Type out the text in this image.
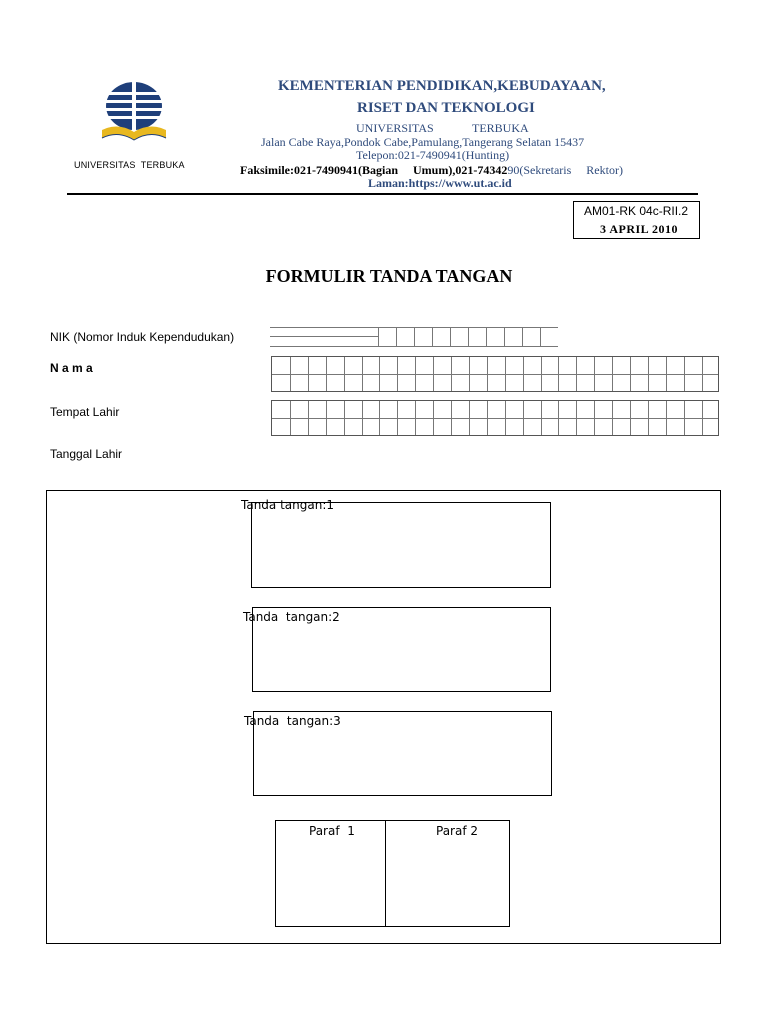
UNIVERSITAS  TERBUKA
KEMENTERIAN PENDIDIKAN,KEBUDAYAAN,
RISET DAN TEKNOLOGI
UNIVERSITAS	TERBUKA
Jalan Cabe Raya,Pondok Cabe,Pamulang,Tangerang Selatan 15437
Telepon:021-7490941(Hunting)
Faksimile:021-7490941(Bagian     Umum),021-7434290(Sekretaris     Rektor)
Laman:https://www.ut.ac.id
AM01-RK 04c-RII.2
3 APRIL 2010
FORMULIR TANDA TANGAN
NIK (Nomor Induk Kependudukan)
N a m a
Tempat Lahir
Tanggal Lahir
Tanda tangan:1
Tanda  tangan:2
Tanda  tangan:3
Paraf  1	Paraf 2
